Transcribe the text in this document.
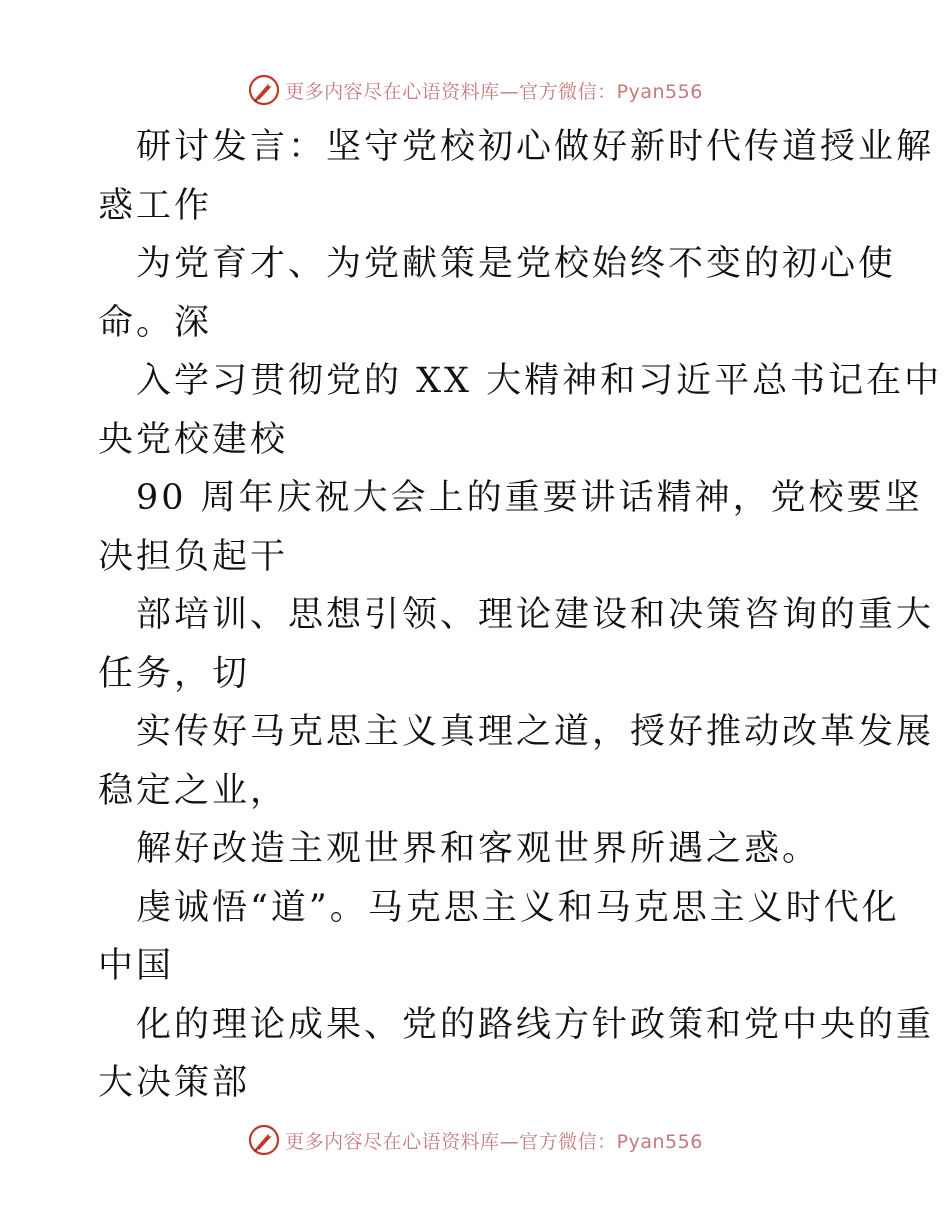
更多内容尽在心语资料库—官方微信：Pyan556
研讨发言：坚守党校初心做好新时代传道授业解
惑工作
为党育才、为党献策是党校始终不变的初心使
命。深
入学习贯彻党的 XX 大精神和习近平总书记在中
央党校建校
90 周年庆祝大会上的重要讲话精神，党校要坚
决担负起干
部培训、思想引领、理论建设和决策咨询的重大
任务，切
实传好马克思主义真理之道，授好推动改革发展
稳定之业，
解好改造主观世界和客观世界所遇之惑。
虔诚悟“道”。马克思主义和马克思主义时代化
中国
化的理论成果、党的路线方针政策和党中央的重
大决策部
更多内容尽在心语资料库—官方微信：Pyan556
